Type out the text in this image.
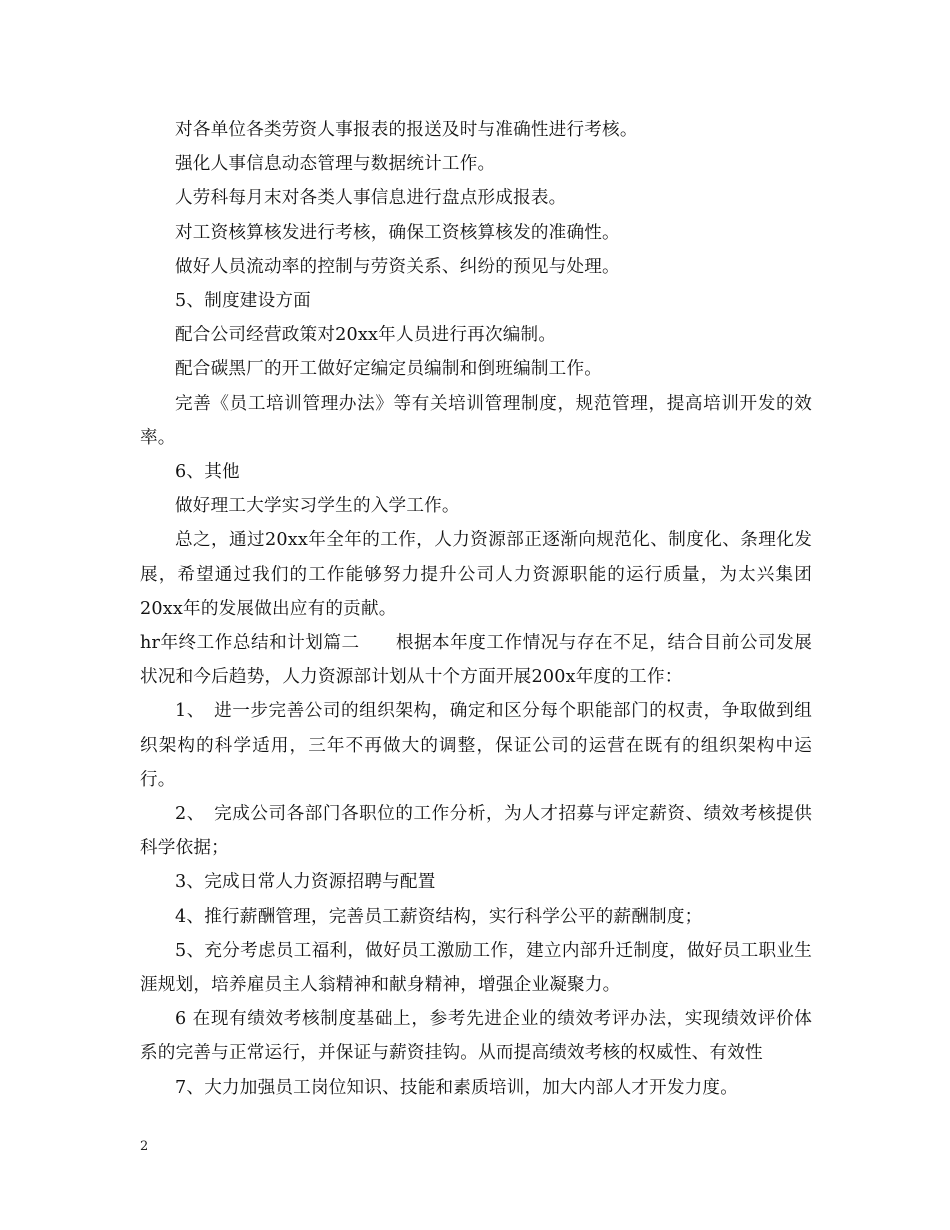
对各单位各类劳资人事报表的报送及时与准确性进行考核。

强化人事信息动态管理与数据统计工作。

人劳科每月末对各类人事信息进行盘点形成报表。

对工资核算核发进行考核，确保工资核算核发的准确性。

做好人员流动率的控制与劳资关系、纠纷的预见与处理。

5、制度建设方面

配合公司经营政策对20xx年人员进行再次编制。

配合碳黑厂的开工做好定编定员编制和倒班编制工作。

完善《员工培训管理办法》等有关培训管理制度，规范管理，提高培训开发的效率。

6、其他

做好理工大学实习学生的入学工作。

总之，通过20xx年全年的工作，人力资源部正逐渐向规范化、制度化、条理化发展，希望通过我们的工作能够努力提升公司人力资源职能的运行质量，为太兴集团20xx年的发展做出应有的贡献。

hr年终工作总结和计划篇二　　根据本年度工作情况与存在不足，结合目前公司发展状况和今后趋势，人力资源部计划从十个方面开展200x年度的工作：

1、　进一步完善公司的组织架构，确定和区分每个职能部门的权责，争取做到组织架构的科学适用，三年不再做大的调整，保证公司的运营在既有的组织架构中运行。

2、　完成公司各部门各职位的工作分析，为人才招募与评定薪资、绩效考核提供科学依据；

3、完成日常人力资源招聘与配置

4、推行薪酬管理，完善员工薪资结构，实行科学公平的薪酬制度；

5、充分考虑员工福利，做好员工激励工作，建立内部升迁制度，做好员工职业生涯规划，培养雇员主人翁精神和献身精神，增强企业凝聚力。

6 在现有绩效考核制度基础上，参考先进企业的绩效考评办法，实现绩效评价体系的完善与正常运行，并保证与薪资挂钩。从而提高绩效考核的权威性、有效性

7、大力加强员工岗位知识、技能和素质培训，加大内部人才开发力度。

2
